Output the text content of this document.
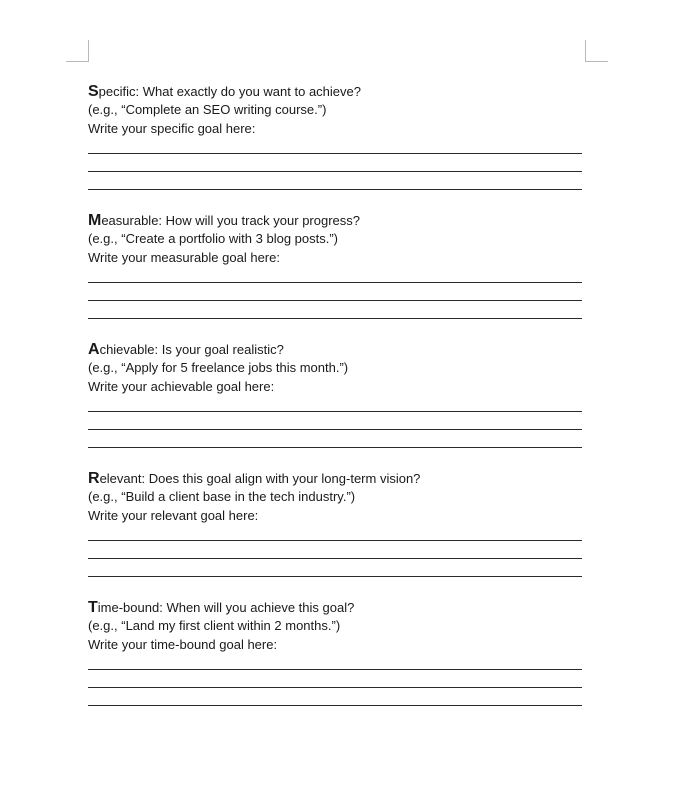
Specific: What exactly do you want to achieve?
(e.g., “Complete an SEO writing course.”)
Write your specific goal here:
Measurable: How will you track your progress?
(e.g., “Create a portfolio with 3 blog posts.”)
Write your measurable goal here:
Achievable: Is your goal realistic?
(e.g., “Apply for 5 freelance jobs this month.”)
Write your achievable goal here:
Relevant: Does this goal align with your long-term vision?
(e.g., “Build a client base in the tech industry.”)
Write your relevant goal here:
Time-bound: When will you achieve this goal?
(e.g., “Land my first client within 2 months.”)
Write your time-bound goal here:
